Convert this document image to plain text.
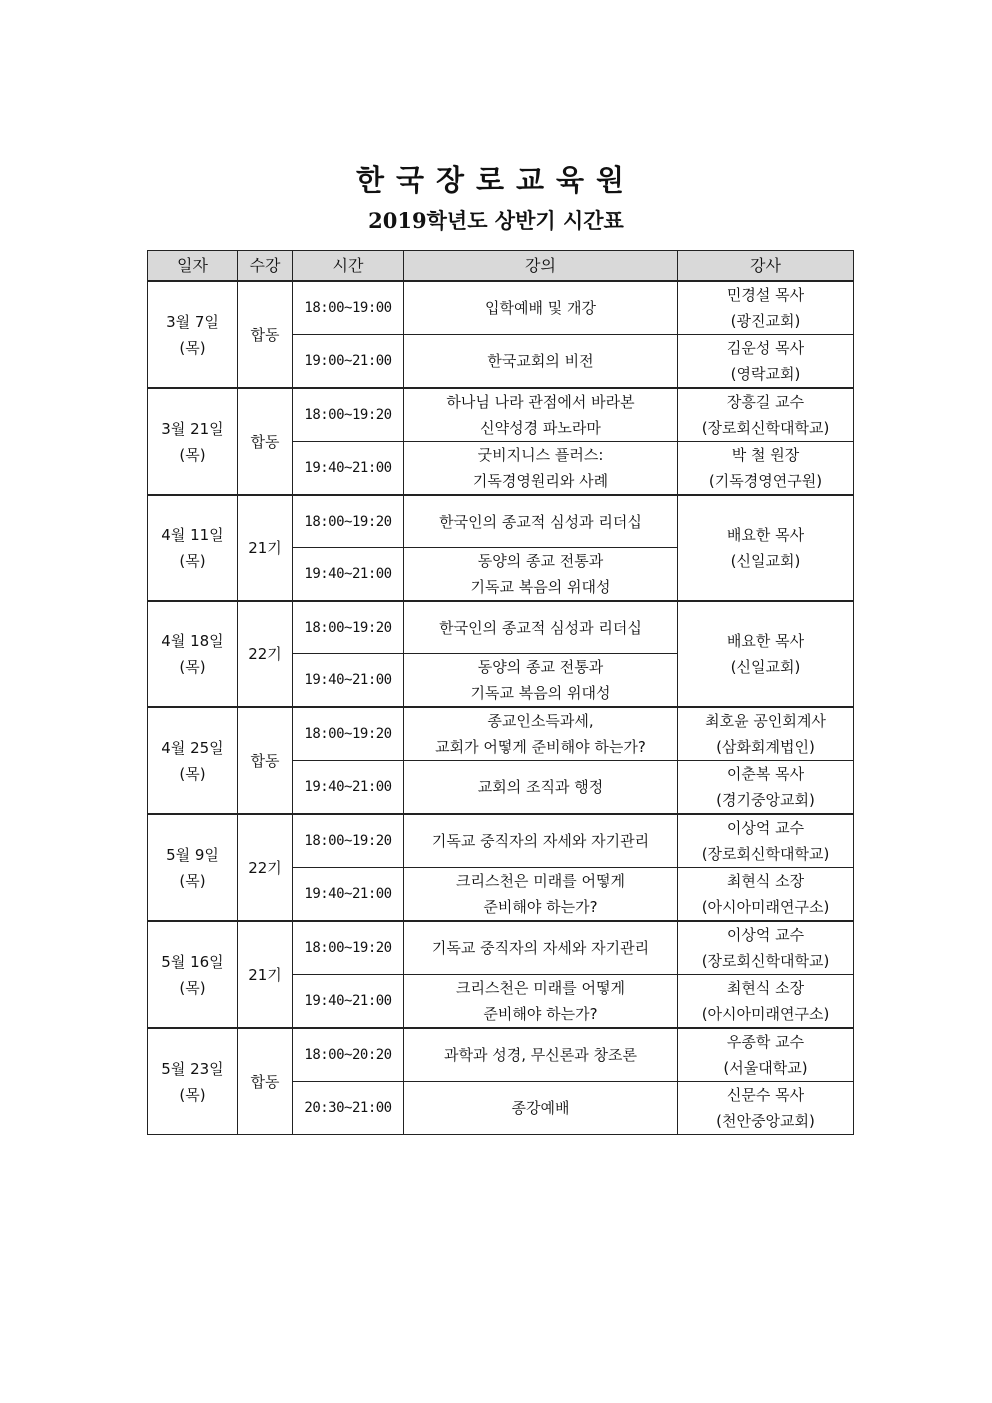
한국장로교육원
2019학년도 상반기 시간표
일자	수강	시간	강의	강사

3월 7일
(목)	합동	18:00~19:00	입학예배 및 개강	민경설 목사
(광진교회)

		19:00~21:00	한국교회의 비전	김운성 목사
(영락교회)

3월 21일
(목)	합동	18:00~19:20	하나님 나라 관점에서 바라본
신약성경 파노라마	장흥길 교수
(장로회신학대학교)

		19:40~21:00	굿비지니스 플러스:
기독경영원리와 사례	박 철 원장
(기독경영연구원)

4월 11일
(목)	21기	18:00~19:20	한국인의 종교적 심성과 리더십	배요한 목사
(신일교회)

		19:40~21:00	동양의 종교 전통과
기독교 복음의 위대성	

4월 18일
(목)	22기	18:00~19:20	한국인의 종교적 심성과 리더십	배요한 목사
(신일교회)

		19:40~21:00	동양의 종교 전통과
기독교 복음의 위대성	

4월 25일
(목)	합동	18:00~19:20	종교인소득과세,
교회가 어떻게 준비해야 하는가?	최호윤 공인회계사
(삼화회계법인)

		19:40~21:00	교회의 조직과 행정	이춘복 목사
(경기중앙교회)

5월 9일
(목)	22기	18:00~19:20	기독교 중직자의 자세와 자기관리	이상억 교수
(장로회신학대학교)

		19:40~21:00	크리스천은 미래를 어떻게
준비해야 하는가?	최현식 소장
(아시아미래연구소)

5월 16일
(목)	21기	18:00~19:20	기독교 중직자의 자세와 자기관리	이상억 교수
(장로회신학대학교)

		19:40~21:00	크리스천은 미래를 어떻게
준비해야 하는가?	최현식 소장
(아시아미래연구소)

5월 23일
(목)	합동	18:00~20:20	과학과 성경, 무신론과 창조론	우종학 교수
(서울대학교)

		20:30~21:00	종강예배	신문수 목사
(천안중앙교회)
